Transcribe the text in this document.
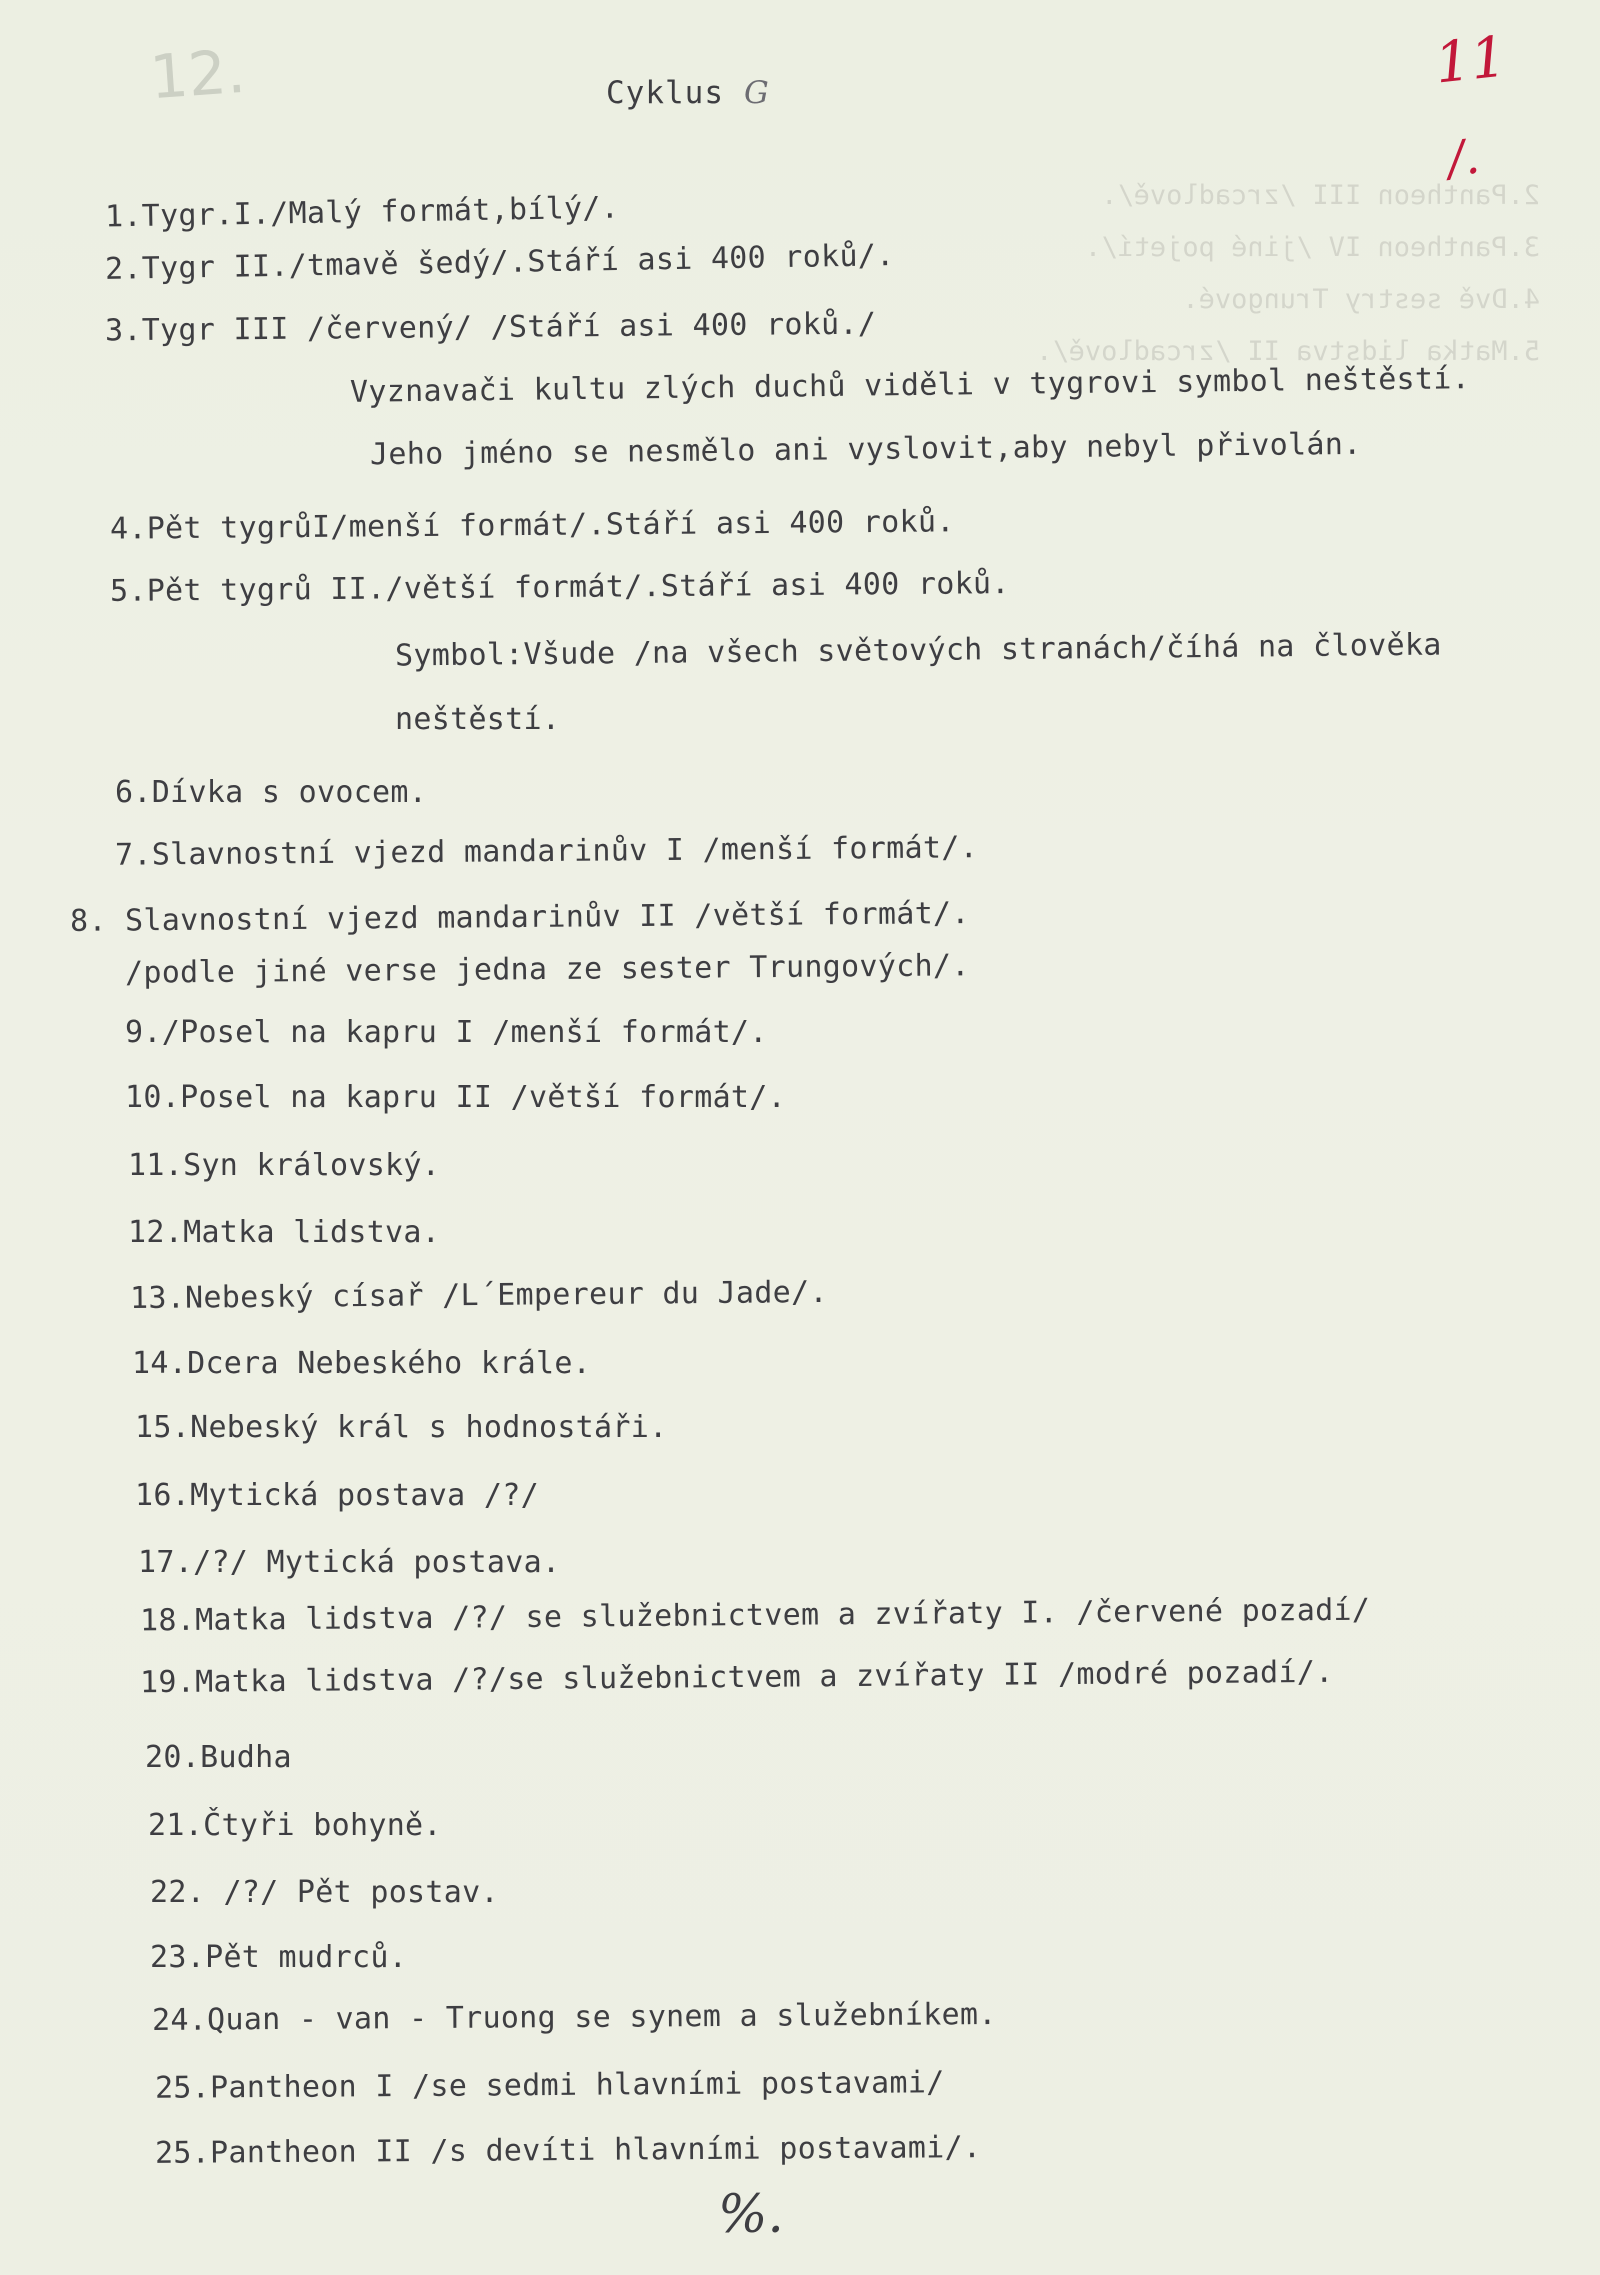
12.
2.Pantheon III /zrcadlově/.
3.Pantheon IV /jiné pojetí/.
4.Dvě sestry Trungové.
5.Matka lidstva II /zrcadlově/.
Cyklus G	11
/.
1.Tygr.I./Malý formát,bílý/.
2.Tygr II./tmavě šedý/.Stáří asi 400 roků/.
3.Tygr III /červený/ /Stáří asi 400 roků./
Vyznavači kultu zlých duchů viděli v tygrovi symbol neštěstí.
Jeho jméno se nesmělo ani vyslovit,aby nebyl přivolán.
4.Pět tygrůI/menší formát/.Stáří asi 400 roků.
5.Pět tygrů II./větší formát/.Stáří asi 400 roků.
Symbol:Všude /na všech světových stranách/číhá na člověka
neštěstí.
6.Dívka s ovocem.
7.Slavnostní vjezd mandarinův I /menší formát/.
8. Slavnostní vjezd mandarinův II /větší formát/.
/podle jiné verse jedna ze sester Trungových/.
9./Posel na kapru I /menší formát/.
10.Posel na kapru II /větší formát/.
11.Syn královský.
12.Matka lidstva.
13.Nebeský císař /L´Empereur du Jade/.
14.Dcera Nebeského krále.
15.Nebeský král s hodnostáři.
16.Mytická postava /?/
17./?/ Mytická postava.
18.Matka lidstva /?/ se služebnictvem a zvířaty I. /červené pozadí/
19.Matka lidstva /?/se služebnictvem a zvířaty II /modré pozadí/.
20.Budha
21.Čtyři bohyně.
22. /?/ Pět postav.
23.Pět mudrců.
24.Quan - van - Truong se synem a služebníkem.
25.Pantheon I /se sedmi hlavními postavami/
25.Pantheon II /s devíti hlavními postavami/.
%.
